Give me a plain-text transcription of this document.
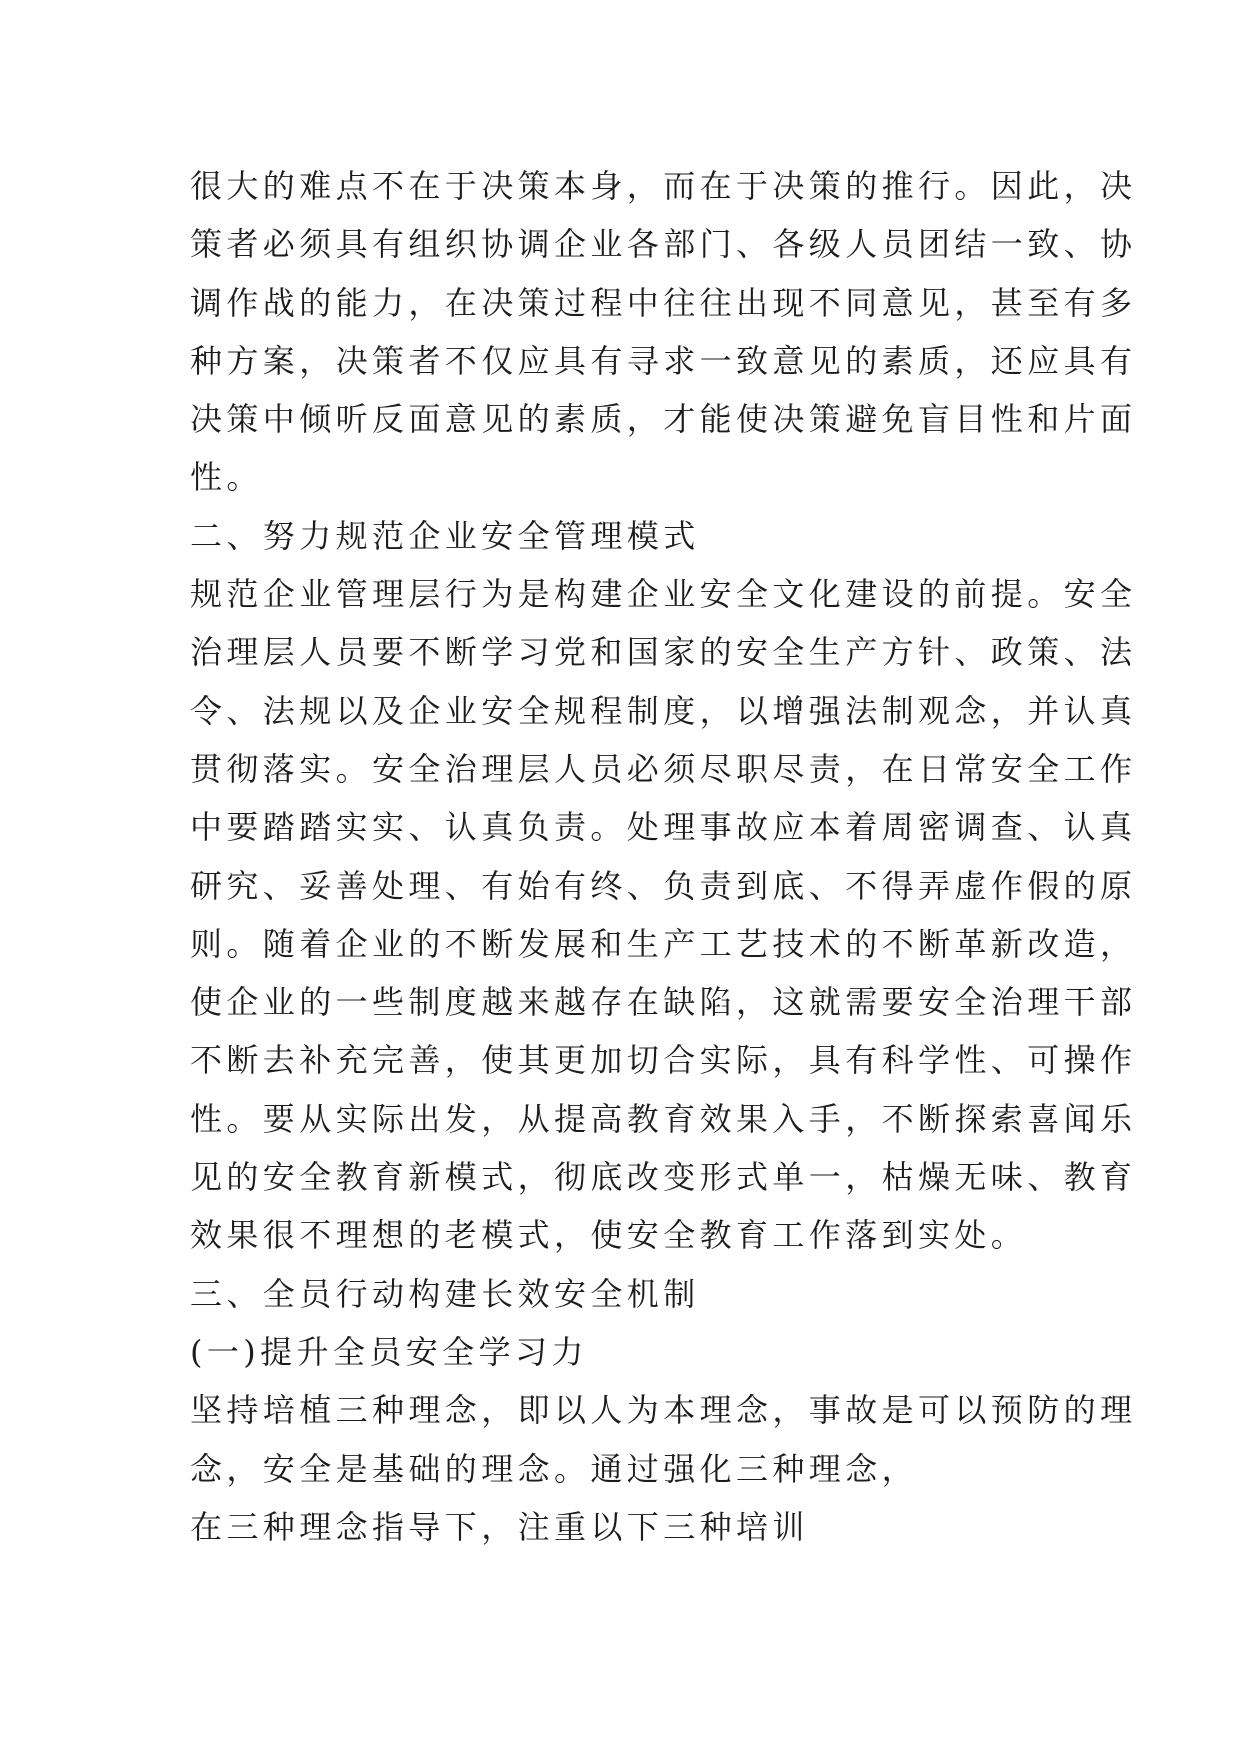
很大的难点不在于决策本身，而在于决策的推行。因此，决
策者必须具有组织协调企业各部门、各级人员团结一致、协
调作战的能力，在决策过程中往往出现不同意见，甚至有多
种方案，决策者不仅应具有寻求一致意见的素质，还应具有
决策中倾听反面意见的素质，才能使决策避免盲目性和片面
性。
二、努力规范企业安全管理模式
规范企业管理层行为是构建企业安全文化建设的前提。安全
治理层人员要不断学习党和国家的安全生产方针、政策、法
令、法规以及企业安全规程制度，以增强法制观念，并认真
贯彻落实。安全治理层人员必须尽职尽责，在日常安全工作
中要踏踏实实、认真负责。处理事故应本着周密调查、认真
研究、妥善处理、有始有终、负责到底、不得弄虚作假的原
则。随着企业的不断发展和生产工艺技术的不断革新改造，
使企业的一些制度越来越存在缺陷，这就需要安全治理干部
不断去补充完善，使其更加切合实际，具有科学性、可操作
性。要从实际出发，从提高教育效果入手，不断探索喜闻乐
见的安全教育新模式，彻底改变形式单一，枯燥无味、教育
效果很不理想的老模式，使安全教育工作落到实处。
三、全员行动构建长效安全机制
(一)提升全员安全学习力
坚持培植三种理念，即以人为本理念，事故是可以预防的理
念，安全是基础的理念。通过强化三种理念，
在三种理念指导下，注重以下三种培训
